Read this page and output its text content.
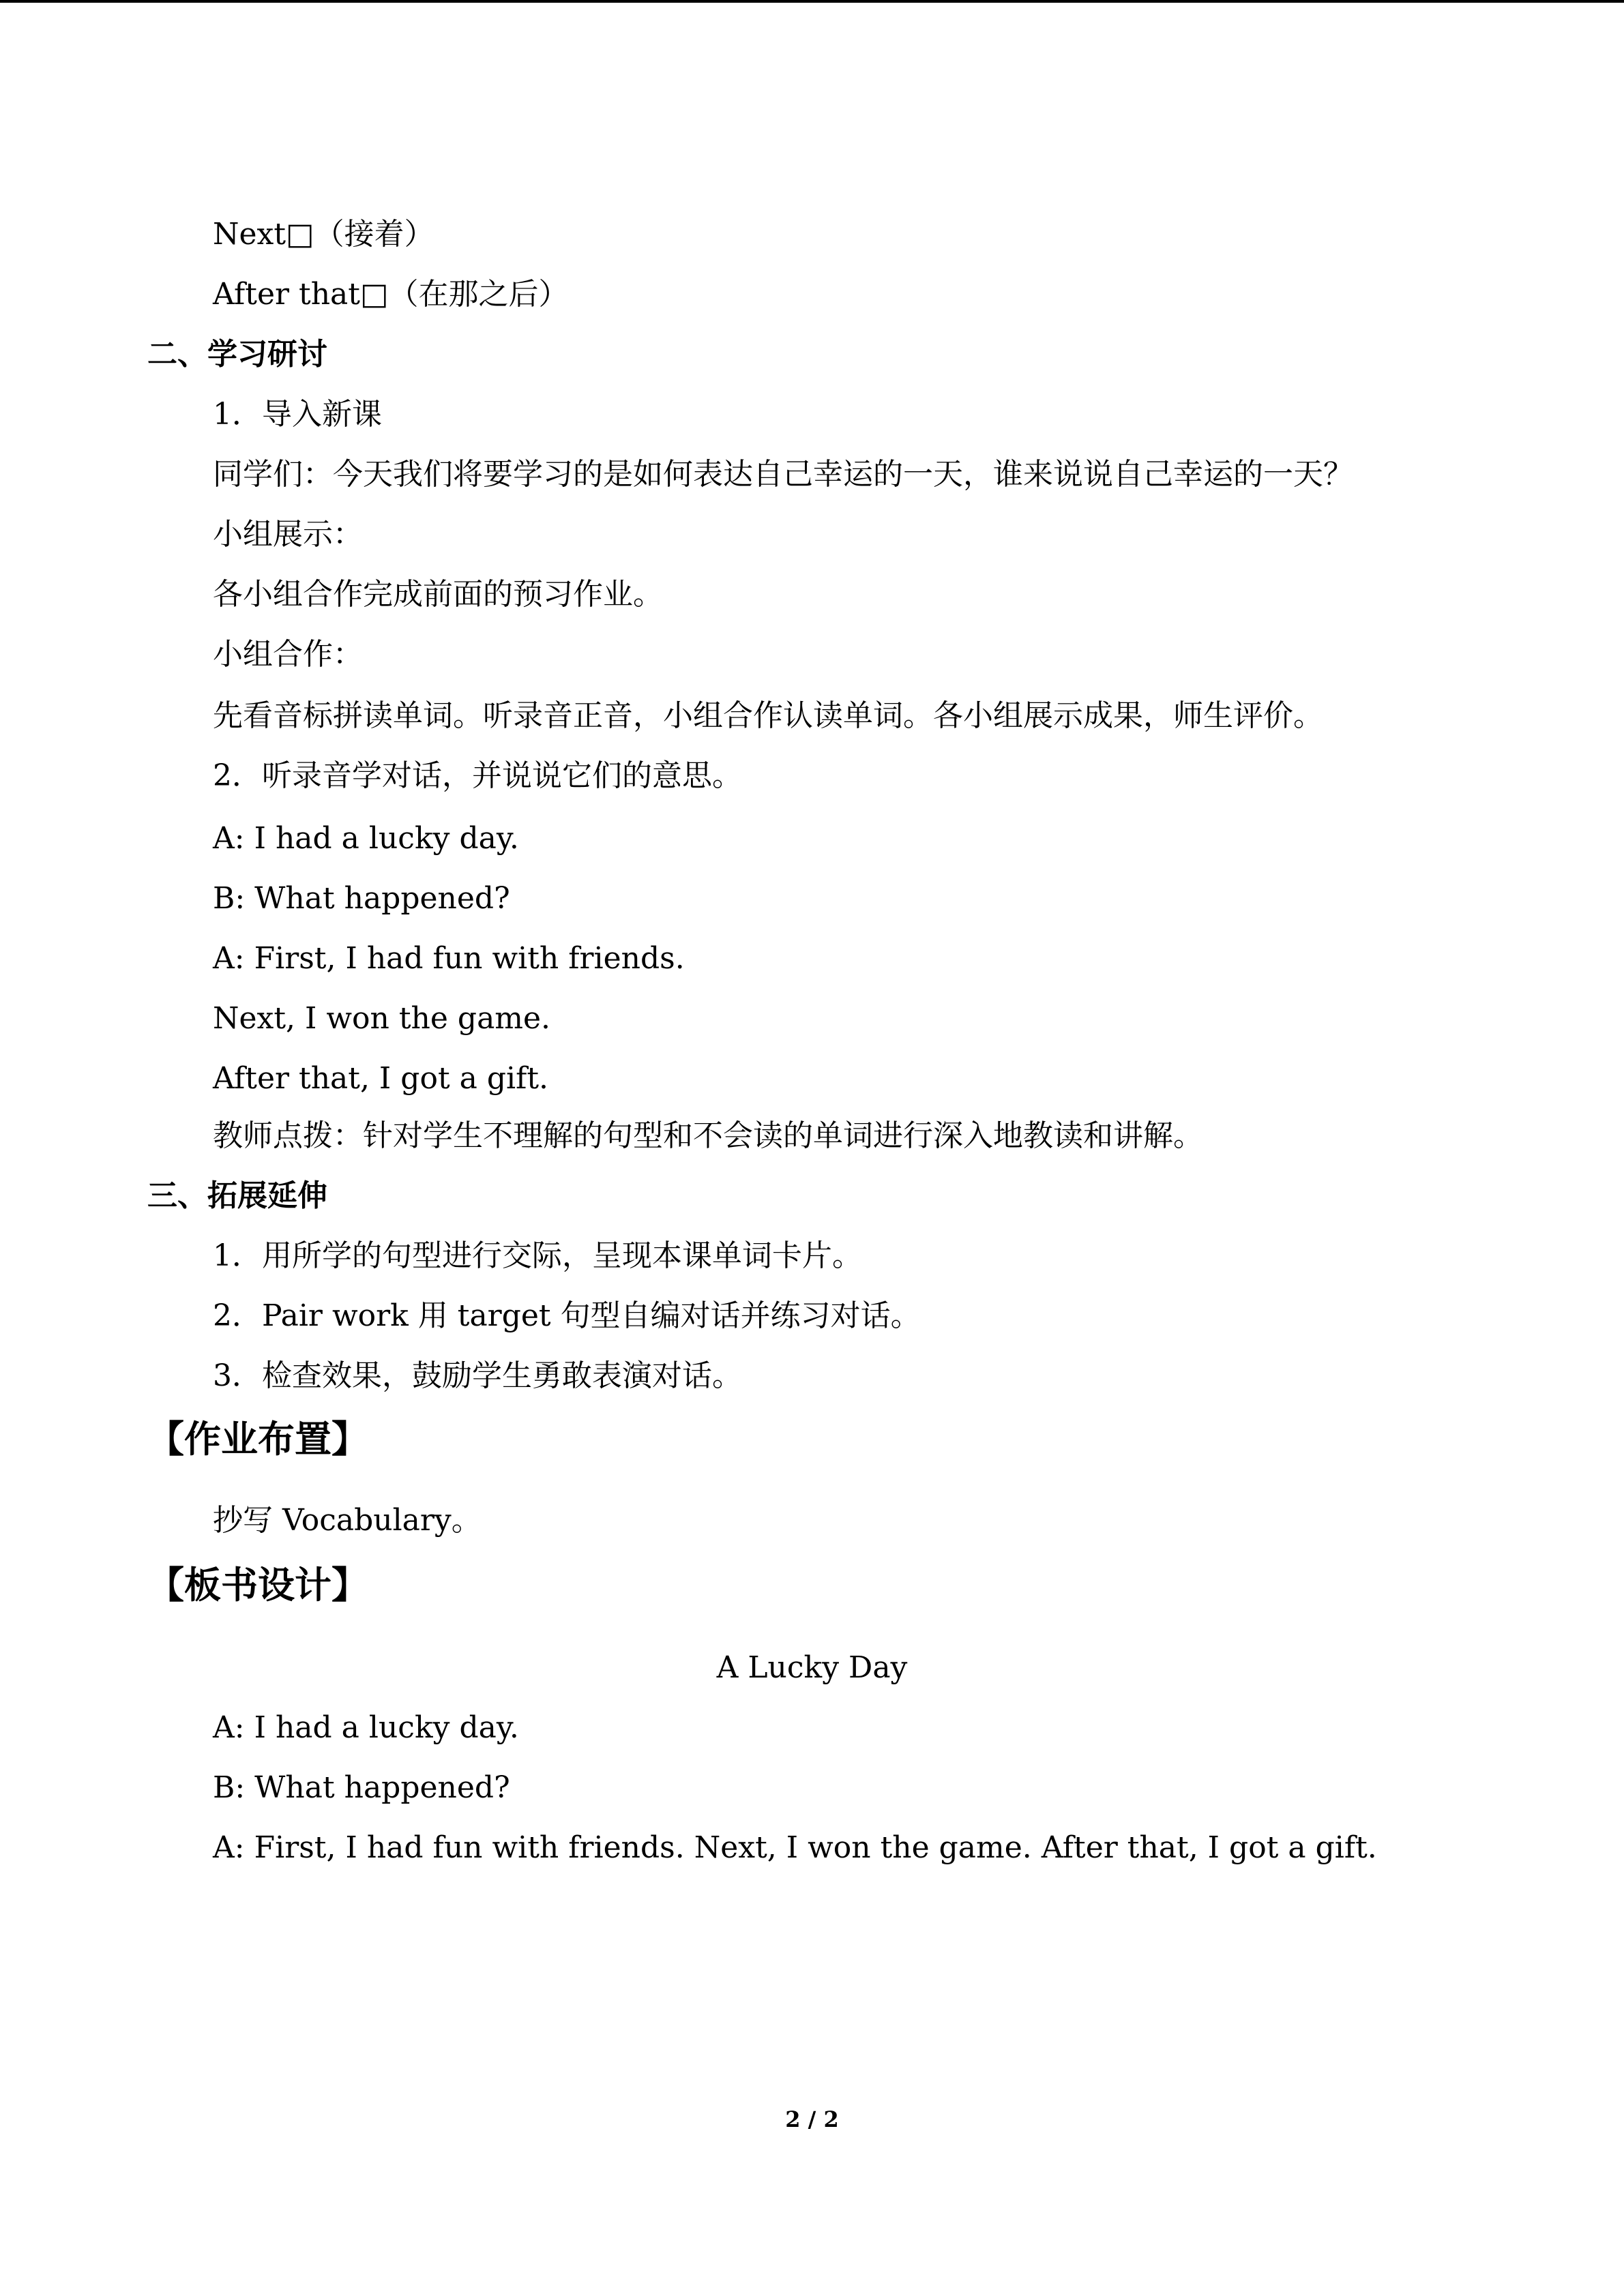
Next□（接着）
After that□（在那之后）
二、学习研讨
1．导入新课
同学们：今天我们将要学习的是如何表达自己幸运的一天，谁来说说自己幸运的一天？
小组展示：
各小组合作完成前面的预习作业。
小组合作：
先看音标拼读单词。听录音正音，小组合作认读单词。各小组展示成果，师生评价。
2．听录音学对话，并说说它们的意思。
A: I had a lucky day.
B: What happened?
A: First, I had fun with friends.
Next, I won the game.
After that, I got a gift.
教师点拨：针对学生不理解的句型和不会读的单词进行深入地教读和讲解。
三、拓展延伸
1．用所学的句型进行交际，呈现本课单词卡片。
2．Pair work 用 target 句型自编对话并练习对话。
3．检查效果，鼓励学生勇敢表演对话。
【作业布置】
抄写 Vocabulary。
【板书设计】
A Lucky Day
A: I had a lucky day.
B: What happened?
A: First, I had fun with friends. Next, I won the game. After that, I got a gift.
2 / 2
